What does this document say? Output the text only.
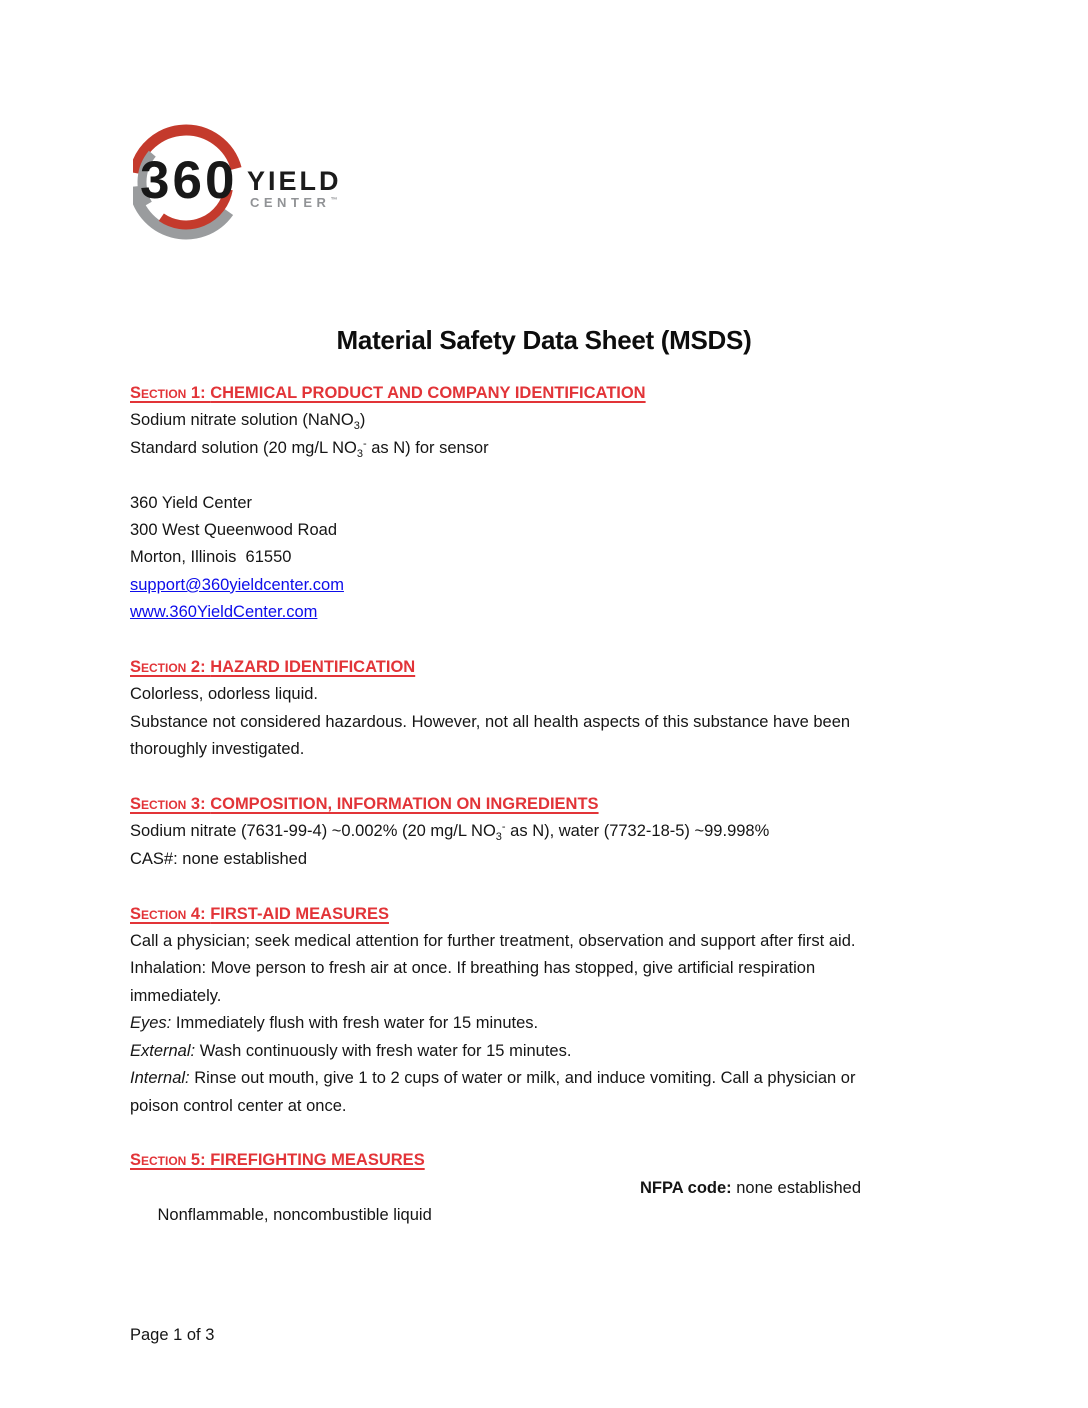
360 YIELD
CENTER™
Material Safety Data Sheet (MSDS)
Section 1: CHEMICAL PRODUCT AND COMPANY IDENTIFICATION
Sodium nitrate solution (NaNO$_3$)
Standard solution (20 mg/L $NO_3^-$ as N) for sensor
360 Yield Center
300 West Queenwood Road
Morton, Illinois  61550
support@360yieldcenter.com
www.360YieldCenter.com
Section 2: HAZARD IDENTIFICATION
Colorless, odorless liquid.
Substance not considered hazardous. However, not all health aspects of this substance have been
thoroughly investigated.
Section 3: COMPOSITION, INFORMATION ON INGREDIENTS
Sodium nitrate (7631-99-4) ~0.002% (20 mg/L $NO_3^-$ as N), water (7732-18-5) ~99.998%
CAS#: none established
Section 4: FIRST-AID MEASURES
Call a physician; seek medical attention for further treatment, observation and support after first aid.
Inhalation: Move person to fresh air at once. If breathing has stopped, give artificial respiration
immediately.
Eyes: Immediately flush with fresh water for 15 minutes.
External: Wash continuously with fresh water for 15 minutes.
Internal: Rinse out mouth, give 1 to 2 cups of water or milk, and induce vomiting. Call a physician or
poison control center at once.
Section 5: FIREFIGHTING MEASURES

Nonflammable, noncombustible liquid

NFPA code: none established

Page 1 of 3
